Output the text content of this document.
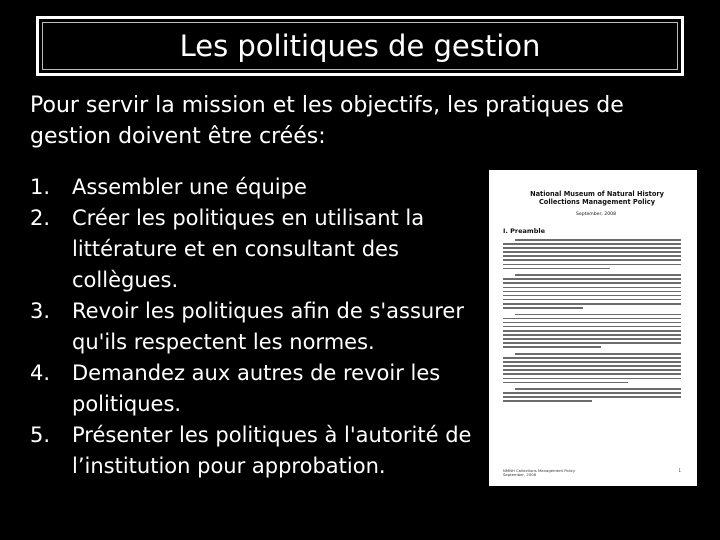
Les politiques de gestion

Pour servir la mission et les objectifs, les pratiques de gestion doivent être créés:

1.	Assembler une équipe
2.	Créer les politiques en utilisant la littérature et en consultant des collègues.
3.	Revoir les politiques afin de s'assurer qu'ils respectent les normes.
4.	Demandez aux autres de revoir les politiques.
5.	Présenter les politiques à l'autorité de l’institution pour approbation.
National Museum of Natural History
Collections Management Policy
September, 2008
I. Preamble
NMNH Collections Management Policy
September, 2008
1
